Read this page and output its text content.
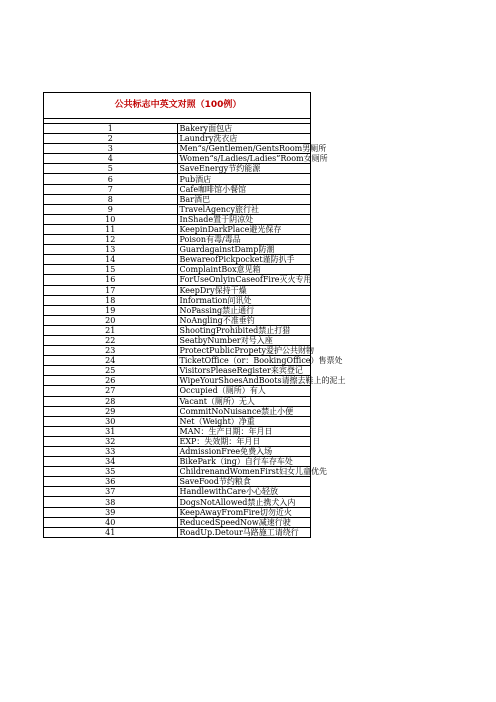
公共标志中英文对照（100例）	

1	Bakery面包店
2	Laundry洗衣店
3	Men“s/Gentlemen/GentsRoom男厕所
4	Women“s/Ladies/Ladies”Room女厕所
5	SaveEnergy节约能源
6	Pub酒店
7	Cafe咖啡馆小餐馆
8	Bar酒巴
9	TravelAgency旅行社
10	InShade置于阴凉处
11	KeepinDarkPlace避光保存
12	Poison有毒/毒品
13	GuardagainstDamp防潮
14	BewareofPickpocket谨防扒手
15	ComplaintBox意见箱
16	ForUseOnlyinCaseofFire灭火专用
17	KeepDry保持干燥
18	Information问讯处
19	NoPassing禁止通行
20	NoAngling不准垂钓
21	ShootingProhibited禁止打猎
22	SeatbyNumber对号入座
23	ProtectPublicPropety爱护公共财物
24	TicketOffice（or：BookingOffice）售票处
25	VisitorsPleaseRegister来宾登记
26	WipeYourShoesAndBoots请擦去鞋上的泥土
27	Occupied（厕所）有人
28	Vacant（厕所）无人
29	CommitNoNuisance禁止小便
30	Net（Weight）净重
31	MAN：生产日期：年月日
32	EXP：失效期：年月日
33	AdmissionFree免费入场
34	BikePark（ing）自行车存车处
35	ChildrenandWomenFirst妇女儿童优先
36	SaveFood节约粮食
37	HandlewithCare小心轻放
38	DogsNotAllowed禁止携犬入内
39	KeepAwayFromFire切勿近火
40	ReducedSpeedNow减速行驶
41	RoadUp.Detour马路施工请绕行
